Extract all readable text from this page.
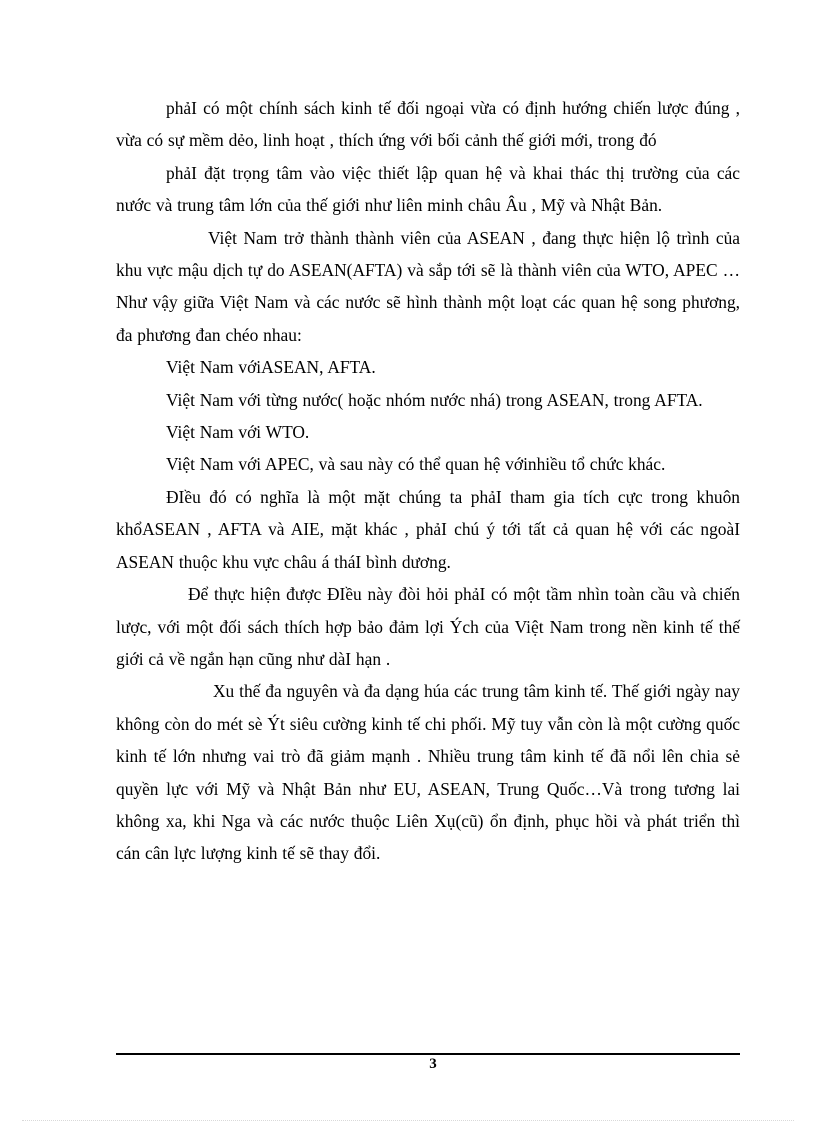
phảI có một chính sách kinh tế đối ngoại vừa có định hướng chiến lược đúng , vừa có sự mềm dẻo, linh hoạt , thích ứng với bối cảnh thế giới mới, trong đó

phảI đặt trọng tâm vào việc thiết lập quan hệ và khai thác thị trường của các nước và trung tâm lớn của thế giới như liên minh châu Âu , Mỹ và Nhật Bản.

Việt Nam trở thành thành viên của ASEAN , đang thực hiện lộ trình của khu vực mậu dịch tự do ASEAN(AFTA) và sắp tới sẽ là thành viên của WTO, APEC … Như vậy giữa Việt Nam và các nước sẽ hình thành một loạt các quan hệ song phương, đa phương đan chéo nhau:

Việt Nam vớiASEAN, AFTA.

Việt Nam với từng nước( hoặc nhóm nước nhá) trong ASEAN, trong AFTA.

Việt Nam với WTO.

Việt Nam với APEC, và sau này có thể quan hệ vớinhiều tổ chức khác.

ĐIều đó có nghĩa là một mặt chúng ta phảI tham gia tích cực trong khuôn khổASEAN , AFTA và AIE, mặt khác , phảI chú ý tới tất cả quan hệ với các ngoàI ASEAN thuộc khu vực châu á tháI bình dương.

Để thực hiện được ĐIều này đòi hỏi phảI có một tầm nhìn toàn cầu và chiến lược, với một đối sách thích hợp bảo đảm lợi Ých của Việt Nam trong nền kinh tế thế giới cả về ngắn hạn cũng như dàI hạn .

Xu thế đa nguyên và đa dạng húa các trung tâm kinh tế. Thế giới ngày nay không còn do mét sè Ýt siêu cường kinh tế chi phối. Mỹ tuy vẫn còn là một cường quốc kinh tế lớn nhưng vai trò đã giảm mạnh . Nhiều trung tâm kinh tế đã nổi lên chia sẻ quyền lực với Mỹ và Nhật Bản như EU, ASEAN, Trung Quốc…Và trong tương lai không xa, khi Nga và các nước thuộc Liên Xụ(cũ) ổn định, phục hồi và phát triển thì cán cân lực lượng kinh tế sẽ thay đổi.

3
